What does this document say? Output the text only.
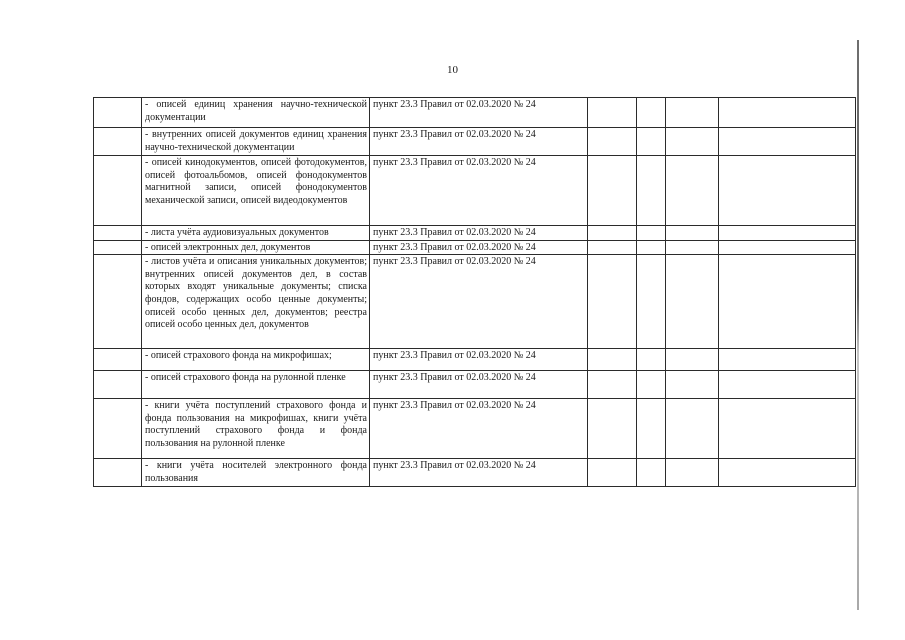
10
	- описей единиц хранения научно-технической документации	пункт 23.3 Правил от 02.03.2020 № 24				
	- внутренних описей документов единиц хранения научно-технической документации	пункт 23.3 Правил от 02.03.2020 № 24				
	- описей кинодокументов, описей фотодокументов, описей фотоальбомов, описей фонодокументов магнитной записи, описей фонодокументов механической записи, описей видеодокументов	пункт 23.3 Правил от 02.03.2020 № 24				
	- листа учёта аудиовизуальных документов	пункт 23.3 Правил от 02.03.2020 № 24				
	- описей электронных дел, документов	пункт 23.3 Правил от 02.03.2020 № 24				
	- листов учёта и описания уникальных документов; внутренних описей документов дел, в состав которых входят уникальные документы; списка фондов, содержащих особо ценные документы; описей особо ценных дел, документов; реестра описей особо ценных дел, документов	пункт 23.3 Правил от 02.03.2020 № 24				
	- описей страхового фонда на микрофишах;	пункт 23.3 Правил от 02.03.2020 № 24				
	- описей страхового фонда на рулонной пленке	пункт 23.3 Правил от 02.03.2020 № 24				
	- книги учёта поступлений страхового фонда и фонда пользования на микрофишах, книги учёта поступлений страхового фонда и фонда пользования на рулонной пленке	пункт 23.3 Правил от 02.03.2020 № 24				
	- книги учёта носителей электронного фонда пользования	пункт 23.3 Правил от 02.03.2020 № 24				
